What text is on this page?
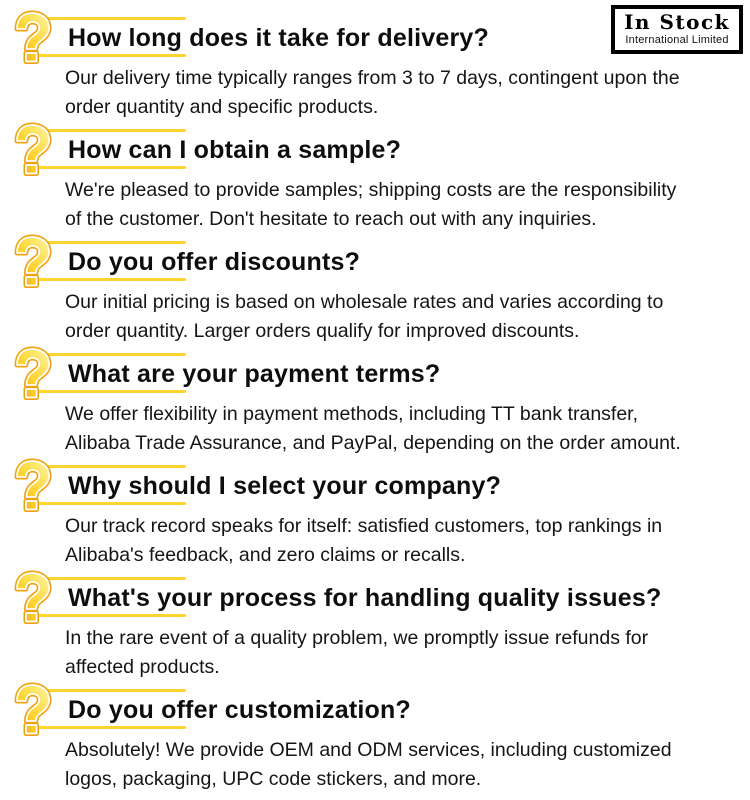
In Stock
International Limited
How long does it take for delivery?
Our delivery time typically ranges from 3 to 7 days, contingent upon the
order quantity and specific products.
How can I obtain a sample?
We're pleased to provide samples; shipping costs are the responsibility
of the customer. Don't hesitate to reach out with any inquiries.
Do you offer discounts?
Our initial pricing is based on wholesale rates and varies according to
order quantity. Larger orders qualify for improved discounts.
What are your payment terms?
We offer flexibility in payment methods, including TT bank transfer,
Alibaba Trade Assurance, and PayPal, depending on the order amount.
Why should I select your company?
Our track record speaks for itself: satisfied customers, top rankings in
Alibaba's feedback, and zero claims or recalls.
What's your process for handling quality issues?
In the rare event of a quality problem, we promptly issue refunds for
affected products.
Do you offer customization?
Absolutely! We provide OEM and ODM services, including customized
logos, packaging, UPC code stickers, and more.
